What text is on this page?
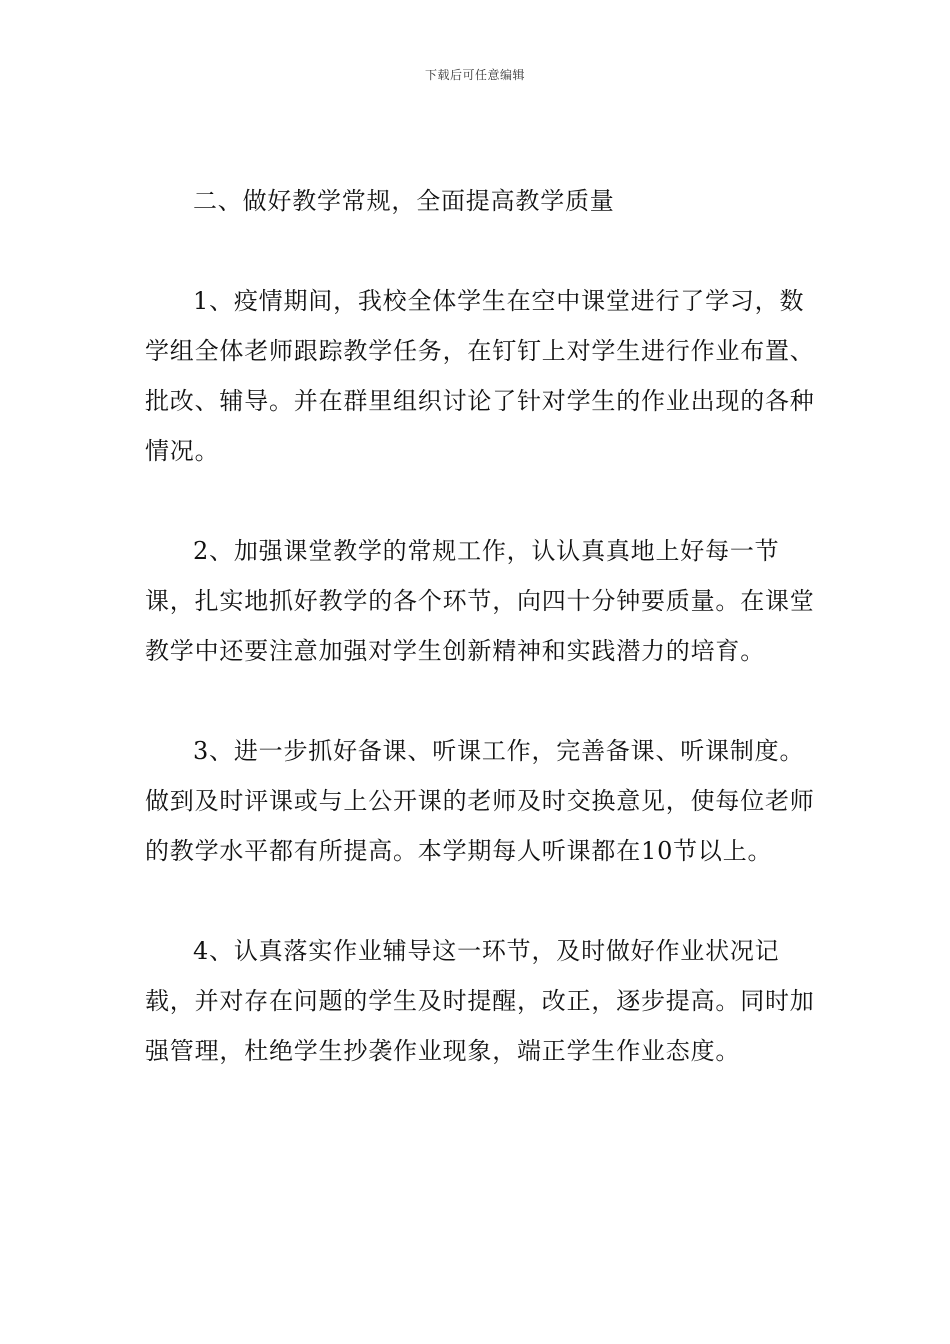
下载后可任意编辑

二、做好教学常规，全面提高教学质量

1、疫情期间，我校全体学生在空中课堂进行了学习，数学组全体老师跟踪教学任务，在钉钉上对学生进行作业布置、批改、辅导。并在群里组织讨论了针对学生的作业出现的各种情况。

2、加强课堂教学的常规工作，认认真真地上好每一节课，扎实地抓好教学的各个环节，向四十分钟要质量。在课堂教学中还要注意加强对学生创新精神和实践潜力的培育。

3、进一步抓好备课、听课工作，完善备课、听课制度。做到及时评课或与上公开课的老师及时交换意见，使每位老师的教学水平都有所提高。本学期每人听课都在10节以上。

4、认真落实作业辅导这一环节，及时做好作业状况记载，并对存在问题的学生及时提醒，改正，逐步提高。同时加强管理，杜绝学生抄袭作业现象，端正学生作业态度。
